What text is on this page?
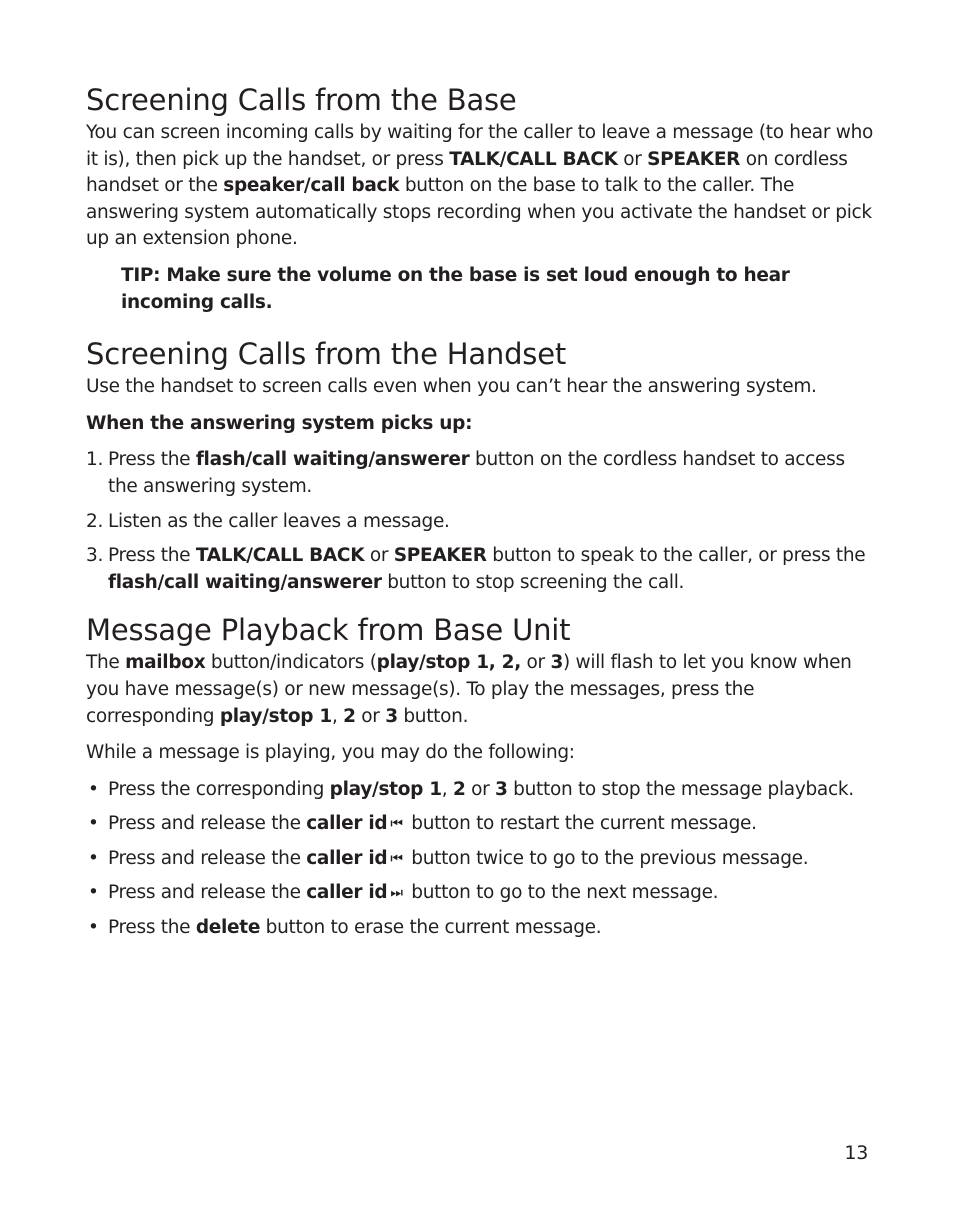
Screening Calls from the Base

You can screen incoming calls by waiting for the caller to leave a message (to hear who it is), then pick up the handset, or press TALK/CALL BACK or SPEAKER on cordless handset or the speaker/call back button on the base to talk to the caller. The answering system automatically stops recording when you activate the handset or pick up an extension phone.

TIP: Make sure the volume on the base is set loud enough to hear incoming calls.

Screening Calls from the Handset

Use the handset to screen calls even when you can’t hear the answering system.

When the answering system picks up:

1. Press the flash/call waiting/answerer button on the cordless handset to access the answering system.
2. Listen as the caller leaves a message.
3. Press the TALK/CALL BACK or SPEAKER button to speak to the caller, or press the flash/call waiting/answerer button to stop screening the call.
Message Playback from Base Unit

The mailbox button/indicators (play/stop 1, 2, or 3) will flash to let you know when you have message(s) or new message(s). To play the messages, press the corresponding play/stop 1, 2 or 3 button.

While a message is playing, you may do the following:

• Press the corresponding play/stop 1, 2 or 3 button to stop the message playback.
• Press and release the caller id ⏮ button to restart the current message.
• Press and release the caller id ⏮ button twice to go to the previous message.
• Press and release the caller id ⏭ button to go to the next message.
• Press the delete button to erase the current message.
13
